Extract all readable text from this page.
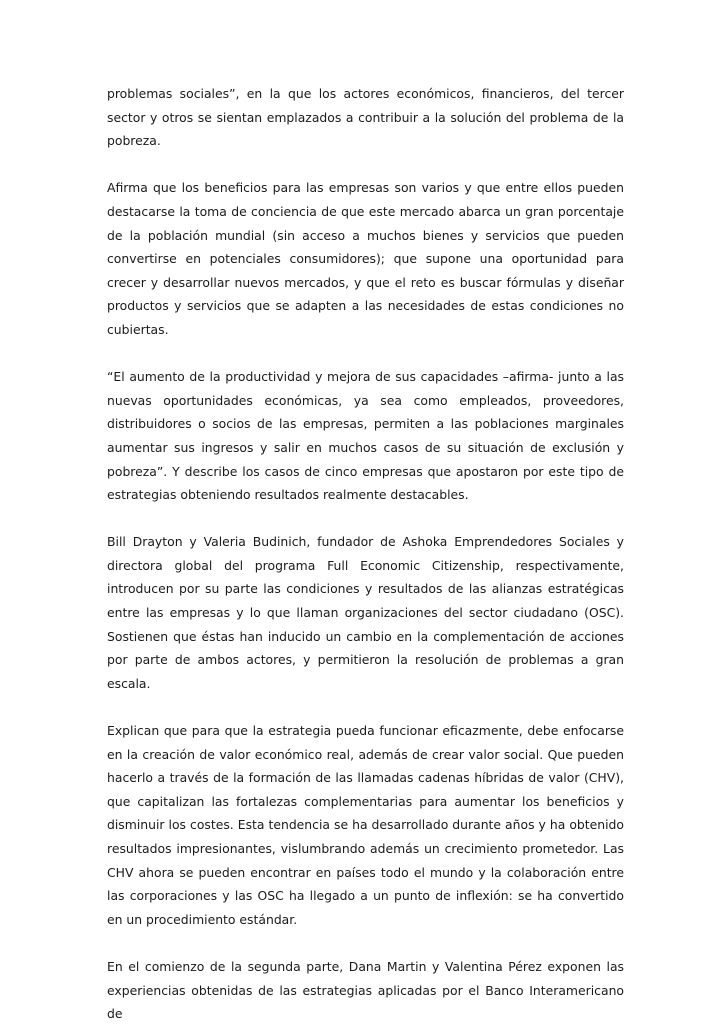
problemas sociales”, en la que los actores económicos, financieros, del tercer sector y otros se sientan emplazados a contribuir a la solución del problema de la pobreza.

Afirma que los beneficios para las empresas son varios y que entre ellos pueden destacarse la toma de conciencia de que este mercado abarca un gran porcentaje de la población mundial (sin acceso a muchos bienes y servicios que pueden convertirse en potenciales consumidores); que supone una oportunidad para crecer y desarrollar nuevos mercados, y que el reto es buscar fórmulas y diseñar productos y servicios que se adapten a las necesidades de estas condiciones no cubiertas.

“El aumento de la productividad y mejora de sus capacidades –afirma- junto a las nuevas oportunidades económicas, ya sea como empleados, proveedores, distribuidores o socios de las empresas, permiten a las poblaciones marginales aumentar sus ingresos y salir en muchos casos de su situación de exclusión y pobreza”. Y describe los casos de cinco empresas que apostaron por este tipo de estrategias obteniendo resultados realmente destacables.

Bill Drayton y Valeria Budinich, fundador de Ashoka Emprendedores Sociales y directora global del programa Full Economic Citizenship, respectivamente, introducen por su parte las condiciones y resultados de las alianzas estratégicas entre las empresas y lo que llaman organizaciones del sector ciudadano (OSC). Sostienen que éstas han inducido un cambio en la complementación de acciones por parte de ambos actores, y permitieron la resolución de problemas a gran escala.

Explican que para que la estrategia pueda funcionar eficazmente, debe enfocarse en la creación de valor económico real, además de crear valor social. Que pueden hacerlo a través de la formación de las llamadas cadenas híbridas de valor (CHV), que capitalizan las fortalezas complementarias para aumentar los beneficios y disminuir los costes. Esta tendencia se ha desarrollado durante años y ha obtenido resultados impresionantes, vislumbrando además un crecimiento prometedor. Las CHV ahora se pueden encontrar en países todo el mundo y la colaboración entre las corporaciones y las OSC ha llegado a un punto de inflexión: se ha convertido en un procedimiento estándar.

En el comienzo de la segunda parte, Dana Martin y Valentina Pérez exponen las experiencias obtenidas de las estrategias aplicadas por el Banco Interamericano de
